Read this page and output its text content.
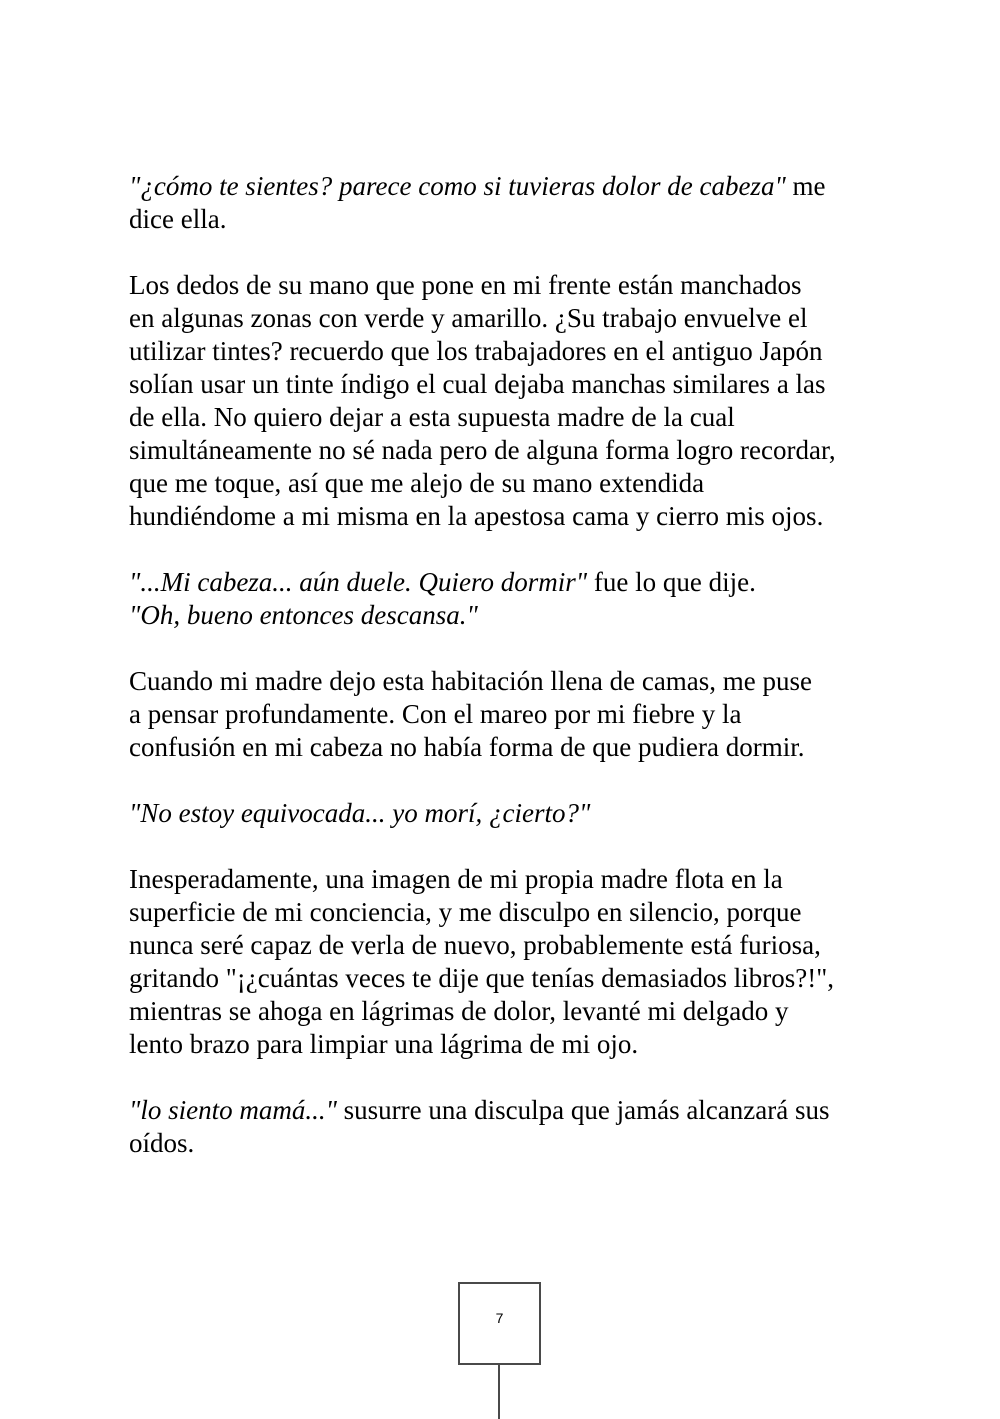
"¿cómo te sientes? parece como si tuvieras dolor de cabeza" me
dice ella.
Los dedos de su mano que pone en mi frente están manchados
en algunas zonas con verde y amarillo. ¿Su trabajo envuelve el
utilizar tintes? recuerdo que los trabajadores en el antiguo Japón
solían usar un tinte índigo el cual dejaba manchas similares a las
de ella. No quiero dejar a esta supuesta madre de la cual
simultáneamente no sé nada pero de alguna forma logro recordar,
que me toque, así que me alejo de su mano extendida
hundiéndome a mi misma en la apestosa cama y cierro mis ojos.
"...Mi cabeza... aún duele. Quiero dormir" fue lo que dije.
"Oh, bueno entonces descansa."
Cuando mi madre dejo esta habitación llena de camas, me puse
a pensar profundamente. Con el mareo por mi fiebre y la
confusión en mi cabeza no había forma de que pudiera dormir.
"No estoy equivocada... yo morí, ¿cierto?"
Inesperadamente, una imagen de mi propia madre flota en la
superficie de mi conciencia, y me disculpo en silencio, porque
nunca seré capaz de verla de nuevo, probablemente está furiosa,
gritando "¡¿cuántas veces te dije que tenías demasiados libros?!",
mientras se ahoga en lágrimas de dolor, levanté mi delgado y
lento brazo para limpiar una lágrima de mi ojo.
"lo siento mamá..." susurre una disculpa que jamás alcanzará sus
oídos.
7
